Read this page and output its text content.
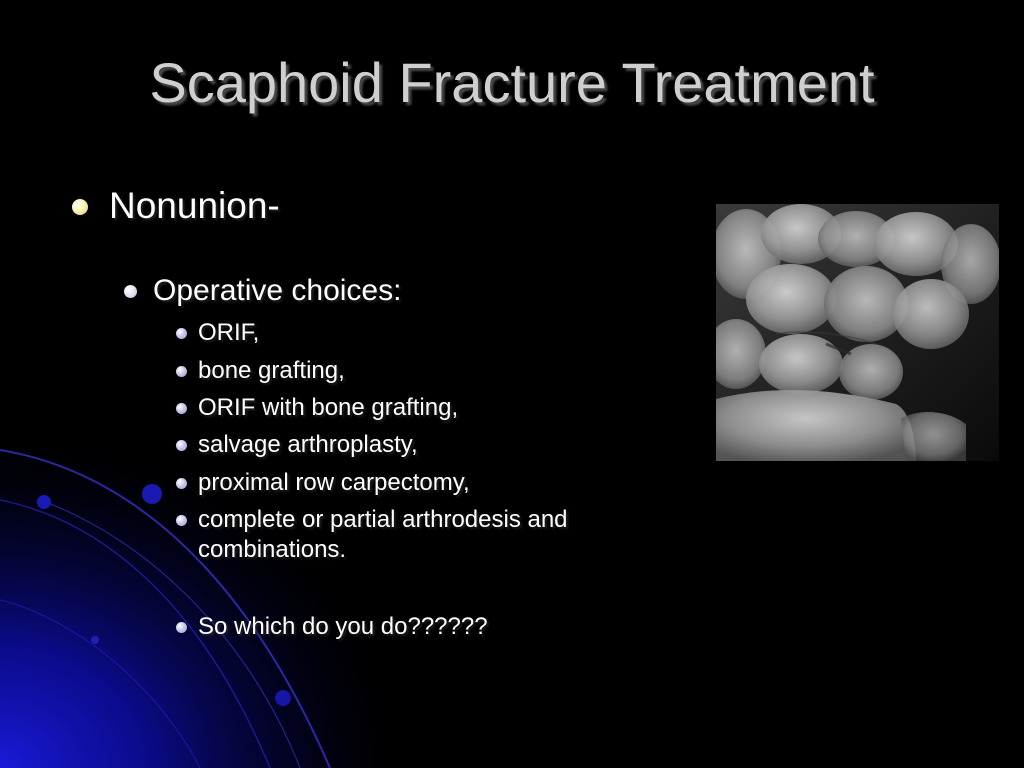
Scaphoid Fracture Treatment
Nonunion-
Operative choices:
ORIF,
bone grafting,
ORIF with bone grafting,
salvage arthroplasty,
proximal row carpectomy,
complete or partial arthrodesis and combinations.
So which do you do??????
